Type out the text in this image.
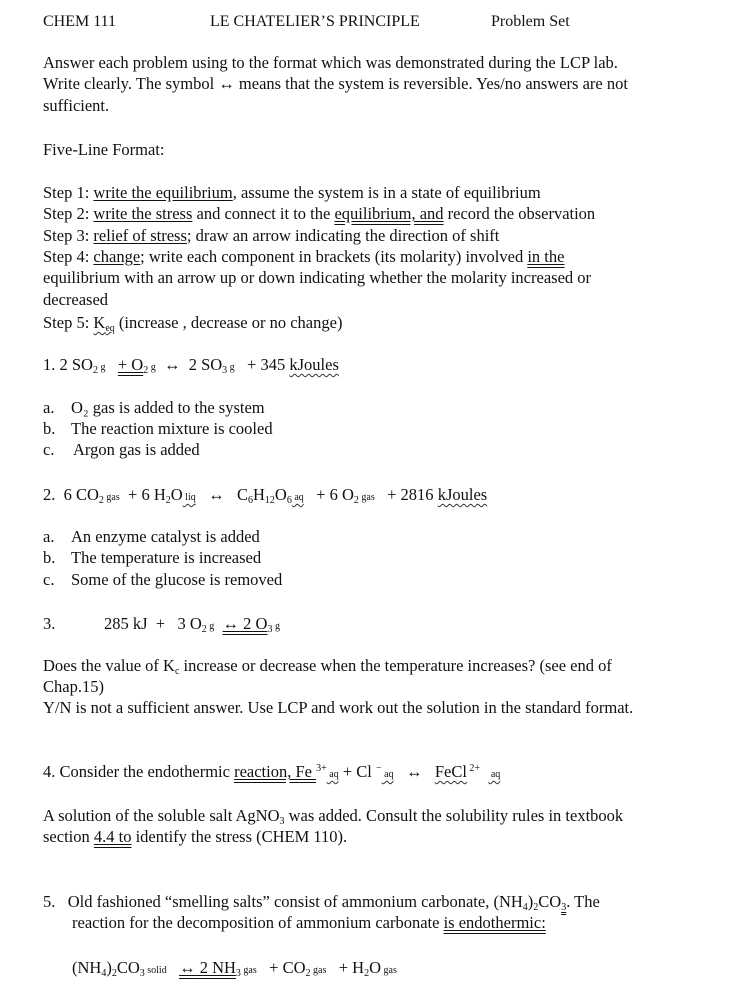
CHEM 111	LE CHATELIER’S PRINCIPLE	Problem Set
Answer each problem using to the format which was demonstrated during the LCP lab.
Write clearly. The symbol ↔ means that the system is reversible. Yes/no answers are not
sufficient.
Five-Line Format:
Step 1: write the equilibrium, assume the system is in a state of equilibrium
Step 2: write the stress and connect it to the equilibrium, and record the observation
Step 3: relief of stress; draw an arrow indicating the direction of shift
Step 4: change; write each component in brackets (its molarity) involved in the
equilibrium with an arrow up or down indicating whether the molarity increased or
decreased
Step 5: $K_{eq}$ (increase , decrease or no change)
1. 2 $SO_2$ $g + O_2$ g ↔ 2 $SO_3$ g + 345 kJoules
a. O₂ gas is added to the system
b. The reaction mixture is cooled
c. Argon gas is added
2. 6 $CO_2$ gas + 6 $H_2O$ liq ↔ $C_6H_{12}O_6$ aq + 6 $O_2$ gas + 2816 kJoules
a. An enzyme catalyst is added
b. The temperature is increased
c. Some of the glucose is removed
3.	285 kJ + 3 $O_2$ g ↔ 2 $O_3$ g
Does the value of $K_c$ increase or decrease when the temperature increases? (see end of
Chap.15)
Y/N is not a sufficient answer. Use LCP and work out the solution in the standard format.
4. Consider the endothermic reaction, Fe $^{3+}$ aq + Cl − aq ↔ FeCl $^{2+}$   aq
A solution of the soluble salt AgNO$_3$ was added. Consult the solubility rules in textbook
section 4.4 to identify the stress (CHEM 110).
5. Old fashioned “smelling salts” consist of ammonium carbonate, $(NH_4)_2CO_3$. The
reaction for the decomposition of ammonium carbonate is endothermic:
$(NH_4)_2CO_3$ solid ↔ 2 $NH_3$ gas + $CO_2$ gas + $H_2O$ gas
